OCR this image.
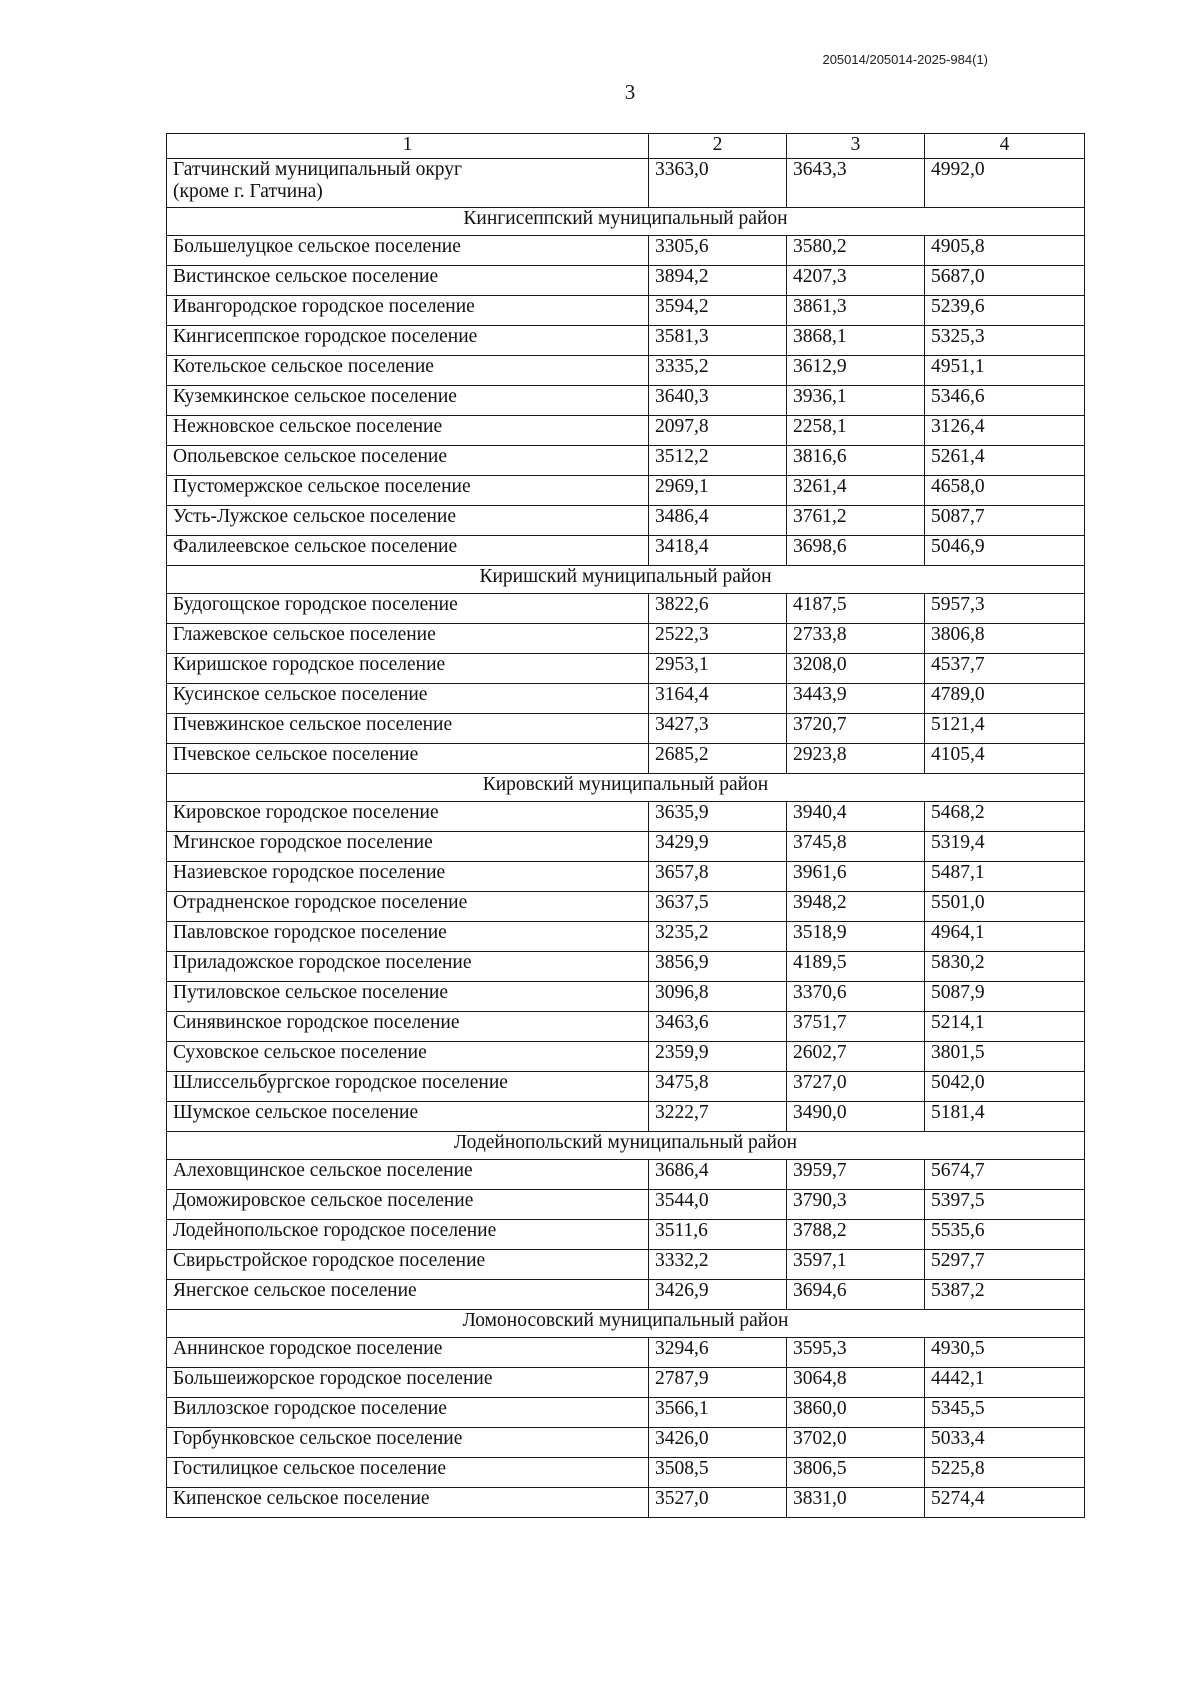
205014/205014-2025-984(1)
3
1	2	3	4

Гатчинский муниципальный округ
(кроме г. Гатчина)	3363,0	3643,3	4992,0
Кингисеппский муниципальный район			
Большелуцкое сельское поселение	3305,6	3580,2	4905,8
Вистинское сельское поселение	3894,2	4207,3	5687,0
Ивангородское городское поселение	3594,2	3861,3	5239,6
Кингисеппское городское поселение	3581,3	3868,1	5325,3
Котельское сельское поселение	3335,2	3612,9	4951,1
Куземкинское сельское поселение	3640,3	3936,1	5346,6
Нежновское сельское поселение	2097,8	2258,1	3126,4
Опольевское сельское поселение	3512,2	3816,6	5261,4
Пустомержское сельское поселение	2969,1	3261,4	4658,0
Усть-Лужское сельское поселение	3486,4	3761,2	5087,7
Фалилеевское сельское поселение	3418,4	3698,6	5046,9
Киришский муниципальный район			
Будогощское городское поселение	3822,6	4187,5	5957,3
Глажевское сельское поселение	2522,3	2733,8	3806,8
Киришское городское поселение	2953,1	3208,0	4537,7
Кусинское сельское поселение	3164,4	3443,9	4789,0
Пчевжинское сельское поселение	3427,3	3720,7	5121,4
Пчевское сельское поселение	2685,2	2923,8	4105,4
Кировский муниципальный район			
Кировское городское поселение	3635,9	3940,4	5468,2
Мгинское городское поселение	3429,9	3745,8	5319,4
Назиевское городское поселение	3657,8	3961,6	5487,1
Отрадненское городское поселение	3637,5	3948,2	5501,0
Павловское городское поселение	3235,2	3518,9	4964,1
Приладожское городское поселение	3856,9	4189,5	5830,2
Путиловское сельское поселение	3096,8	3370,6	5087,9
Синявинское городское поселение	3463,6	3751,7	5214,1
Суховское сельское поселение	2359,9	2602,7	3801,5
Шлиссельбургское городское поселение	3475,8	3727,0	5042,0
Шумское сельское поселение	3222,7	3490,0	5181,4
Лодейнопольский муниципальный район			
Алеховщинское сельское поселение	3686,4	3959,7	5674,7
Доможировское сельское поселение	3544,0	3790,3	5397,5
Лодейнопольское городское поселение	3511,6	3788,2	5535,6
Свирьстройское городское поселение	3332,2	3597,1	5297,7
Янегское сельское поселение	3426,9	3694,6	5387,2
Ломоносовский муниципальный район			
Аннинское городское поселение	3294,6	3595,3	4930,5
Большеижорское городское поселение	2787,9	3064,8	4442,1
Виллозское городское поселение	3566,1	3860,0	5345,5
Горбунковское сельское поселение	3426,0	3702,0	5033,4
Гостилицкое сельское поселение	3508,5	3806,5	5225,8
Кипенское сельское поселение	3527,0	3831,0	5274,4
